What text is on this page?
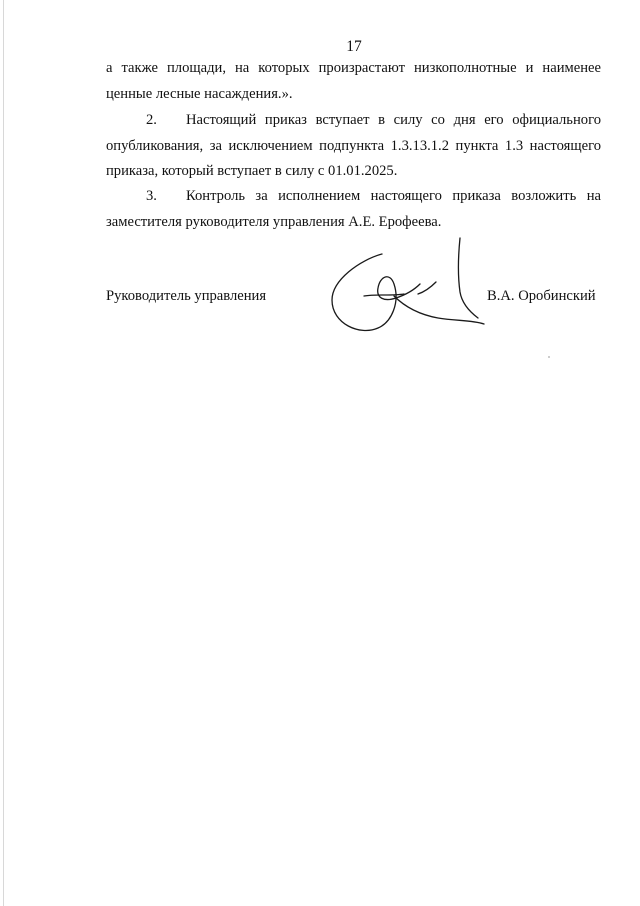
17
а также площади, на которых произрастают низкополнотные и наименее
ценные лесные насаждения.».
2. Настоящий приказ вступает в силу со дня его официального
опубликования, за исключением подпункта 1.3.13.1.2 пункта 1.3 настоящего
приказа, который вступает в силу с 01.01.2025.
3. Контроль за исполнением настоящего приказа возложить на
заместителя руководителя управления А.Е. Ерофеева.
Руководитель управления	В.А. Оробинский
